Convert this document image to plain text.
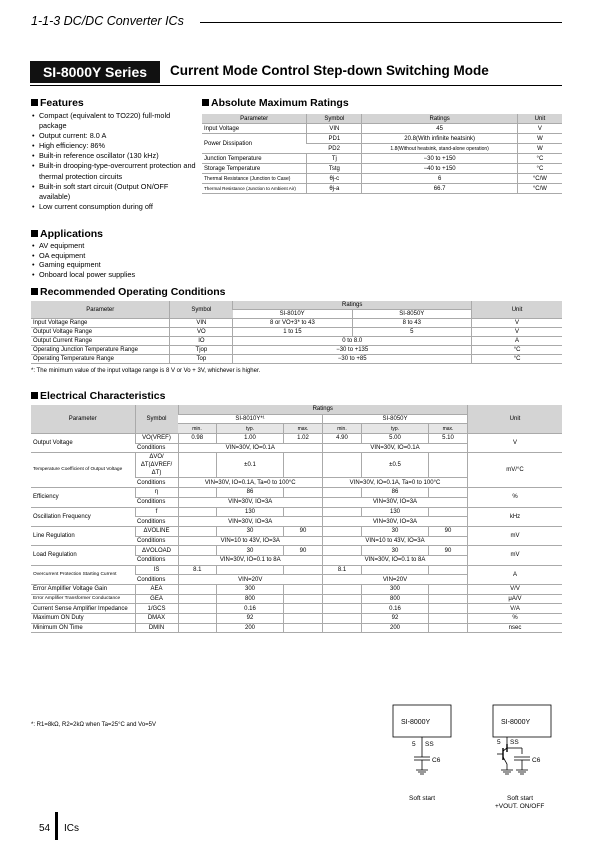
1-1-3 DC/DC Converter ICs
SI-8000Y Series	Current Mode Control Step-down Switching Mode
Features
• Compact (equivalent to TO220) full-mold package
• Output current: 8.0 A
• High efficiency: 86%
• Built-in reference oscillator (130 kHz)
• Built-in drooping-type-overcurrent protection and thermal protection circuits
• Built-in soft start circuit (Output ON/OFF available)
• Low current consumption during off
Applications
• AV equipment
• OA equipment
• Gaming equipment
• Onboard local power supplies
Absolute Maximum Ratings
Parameter	Symbol	Ratings	Unit
Input Voltage	VIN	45	V
Power Dissipation	PD1	20.8(With infinite heatsink)	W
	PD2	1.8(Without heatsink, stand-alone operation)	W
Junction Temperature	Tj	−30 to +150	°C
Storage Temperature	Tstg	−40 to +150	°C
Thermal Resistance (Junction to Case)	θj-c	6	°C/W
Thermal Resistance (Junction to Ambient Air)	θj-a	66.7	°C/W
Recommended Operating Conditions
Parameter	Symbol	Ratings		Unit
		SI-8010Y	SI-8050Y	
Input Voltage Range	VIN	8 or VO+3* to 43	8 to 43	V
Output Voltage Range	VO	1 to 15	5	V
Output Current Range	IO	0 to 8.0		A
Operating Junction Temperature Range	Tjop	−30 to +135		°C
Operating Temperature Range	Top	−30 to +85		°C
*: The minimum value of the input voltage range is 8 V or Vo + 3V, whichever is higher.
Electrical Characteristics
Parameter	Symbol	Ratings						Unit
		SI-8010Y*¹			SI-8050Y			
		min.	typ.	max.	min.	typ.	max.	
Output Voltage	VO(VREF)	0.98	1.00	1.02	4.90	5.00	5.10	V
	Conditions	VIN=30V, IO=0.1A			VIN=30V, IO=0.1A			
Temperature Coefficient of Output Voltage	ΔVO/ΔT(ΔVREF/ΔT)		±0.1			±0.5		mV/°C
	Conditions	VIN=30V, IO=0.1A, Ta=0 to 100°C			VIN=30V, IO=0.1A, Ta=0 to 100°C			
Efficiency	η		86			86		%
	Conditions	VIN=30V, IO=3A			VIN=30V, IO=3A			
Oscillation Frequency	f		130			130		kHz
	Conditions	VIN=30V, IO=3A			VIN=30V, IO=3A			
Line Regulation	ΔVOLINE		30	90		30	90	mV
	Conditions	VIN=10 to 43V, IO=3A			VIN=10 to 43V, IO=3A			
Load Regulation	ΔVOLOAD		30	90		30	90	mV
	Conditions	VIN=30V, IO=0.1 to 8A			VIN=30V, IO=0.1 to 8A			
Overcurrent Protection Starting Current	IS	8.1			8.1			A
	Conditions	VIN=20V			VIN=20V			
Error Amplifier Voltage Gain	AEA		300			300		V/V
Error Amplifier Transformer Conductance	GEA		800			800		μA/V
Current Sense Amplifier Impedance	1/GCS		0.16			0.16		V/A
Maximum ON Duty	DMAX		92			92		%
Minimum ON Time	DMIN		200			200		nsec
*: R1=8kΩ, R2=2kΩ when Ta=25°C and Vo=5V	SI-8000Y
5 SS
C6
SI-8000Y
5 SS
C6
Soft start	Soft start
+VOUT. ON/OFF
54 ICs
